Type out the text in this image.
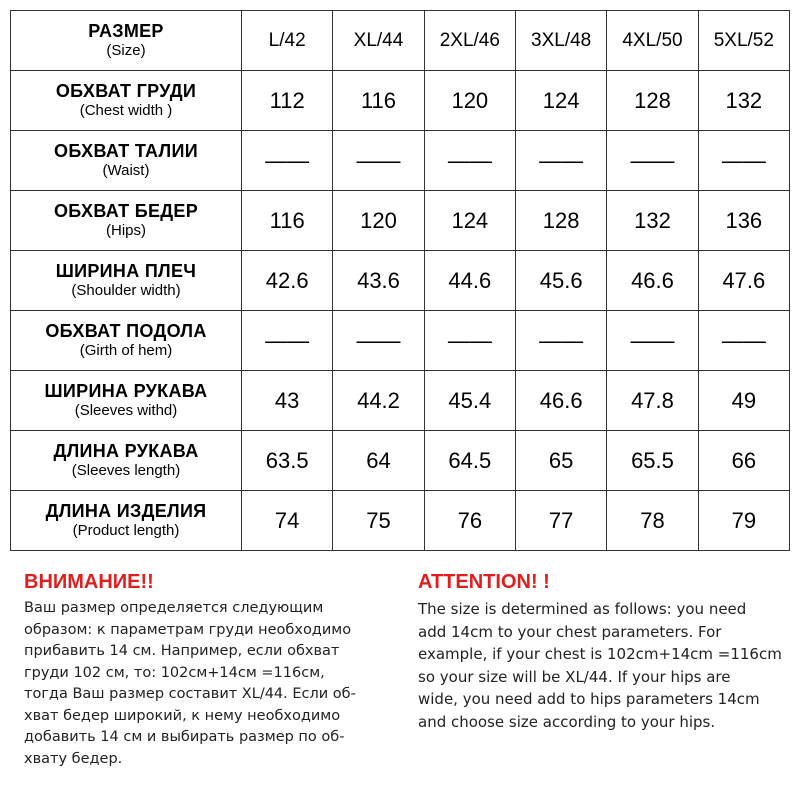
РАЗМЕР
(Size)	L/42	XL/44	2XL/46	3XL/48	4XL/50	5XL/52

ОБХВАТ ГРУДИ
(Chest width )	112	116	120	124	128	132

ОБХВАТ ТАЛИИ
(Waist)	——	——	——	——	——	——

ОБХВАТ БЕДЕР
(Hips)	116	120	124	128	132	136

ШИРИНА ПЛЕЧ
(Shoulder width)	42.6	43.6	44.6	45.6	46.6	47.6

ОБХВАТ ПОДОЛА
(Girth of hem)	——	——	——	——	——	——

ШИРИНА РУКАВА
(Sleeves withd)	43	44.2	45.4	46.6	47.8	49

ДЛИНА РУКАВА
(Sleeves length)	63.5	64	64.5	65	65.5	66

ДЛИНА ИЗДЕЛИЯ
(Product length)	74	75	76	77	78	79
ВНИМАНИЕ!!
Ваш размер определяется следующим
образом: к параметрам груди необходимо
прибавить 14 см. Например, если обхват
груди 102 см, то: 102см+14см =116см,
тогда Ваш размер составит XL/44. Если об-
хват бедер широкий, к нему необходимо
добавить 14 см и выбирать размер по об-
хвату бедер.
ATTENTION! !
The size is determined as follows: you need
add 14cm to your chest parameters. For
example, if your chest is 102cm+14cm =116cm
so your size will be XL/44. If your hips are
wide, you need add to hips parameters 14cm
and choose size according to your hips.
